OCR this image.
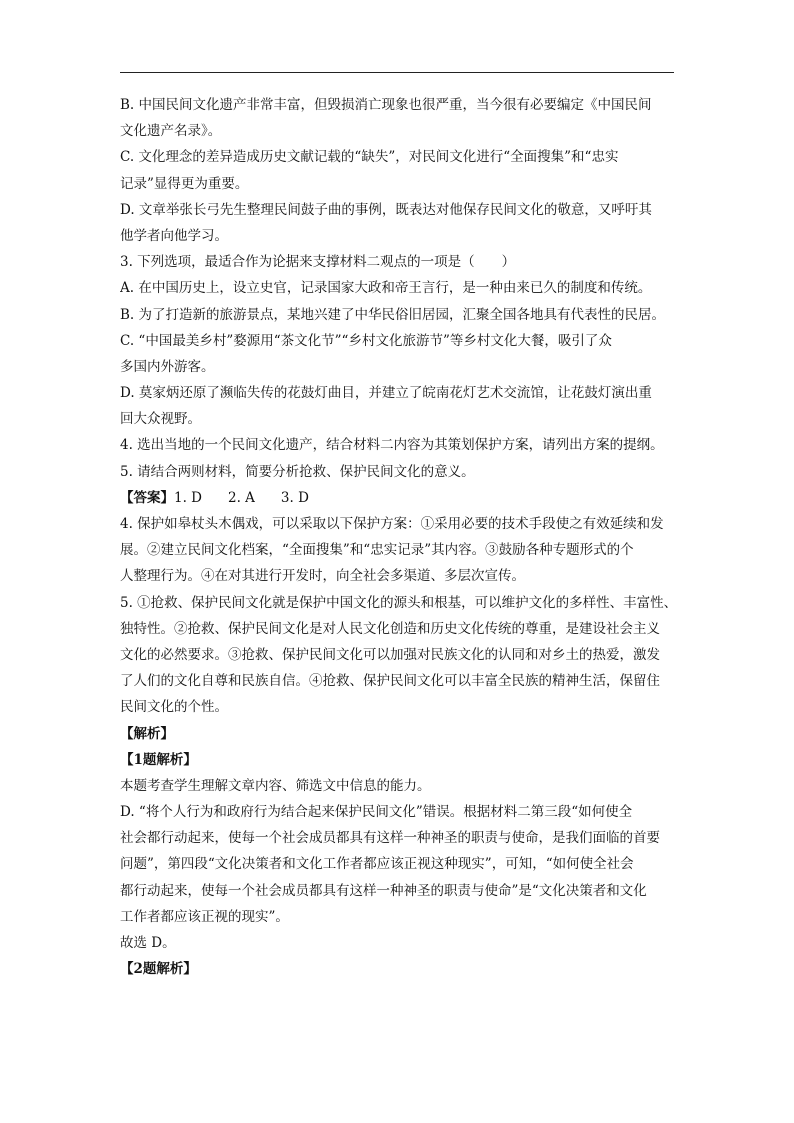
B. 中国民间文化遗产非常丰富，但毁损消亡现象也很严重，当今很有必要编定《中国民间
文化遗产名录》。
C. 文化理念的差异造成历史文献记载的“缺失”，对民间文化进行“全面搜集”和“忠实
记录”显得更为重要。
D. 文章举张长弓先生整理民间鼓子曲的事例，既表达对他保存民间文化的敬意，又呼吁其
他学者向他学习。
3. 下列选项，最适合作为论据来支撑材料二观点的一项是（　　）
A. 在中国历史上，设立史官，记录国家大政和帝王言行，是一种由来已久的制度和传统。
B. 为了打造新的旅游景点，某地兴建了中华民俗旧居园，汇聚全国各地具有代表性的民居。
C. “中国最美乡村”婺源用“茶文化节”“乡村文化旅游节”等乡村文化大餐，吸引了众
多国内外游客。
D. 莫家炳还原了濒临失传的花鼓灯曲目，并建立了皖南花灯艺术交流馆，让花鼓灯演出重
回大众视野。
4. 选出当地的一个民间文化遗产，结合材料二内容为其策划保护方案，请列出方案的提纲。
5. 请结合两则材料，简要分析抢救、保护民间文化的意义。
【答案】1. D 2. A 3. D
4. 保护如皋杖头木偶戏，可以采取以下保护方案：①采用必要的技术手段使之有效延续和发
展。②建立民间文化档案，“全面搜集”和“忠实记录”其内容。③鼓励各种专题形式的个
人整理行为。④在对其进行开发时，向全社会多渠道、多层次宣传。
5. ①抢救、保护民间文化就是保护中国文化的源头和根基，可以维护文化的多样性、丰富性、
独特性。②抢救、保护民间文化是对人民文化创造和历史文化传统的尊重，是建设社会主义
文化的必然要求。③抢救、保护民间文化可以加强对民族文化的认同和对乡土的热爱，激发
了人们的文化自尊和民族自信。④抢救、保护民间文化可以丰富全民族的精神生活，保留住
民间文化的个性。
【解析】
【1题解析】
本题考查学生理解文章内容、筛选文中信息的能力。
D. “将个人行为和政府行为结合起来保护民间文化”错误。根据材料二第三段“如何使全
社会都行动起来，使每一个社会成员都具有这样一种神圣的职责与使命，是我们面临的首要
问题”，第四段“文化决策者和文化工作者都应该正视这种现实”，可知，“如何使全社会
都行动起来，使每一个社会成员都具有这样一种神圣的职责与使命”是“文化决策者和文化
工作者都应该正视的现实”。
故选 D。
【2题解析】
